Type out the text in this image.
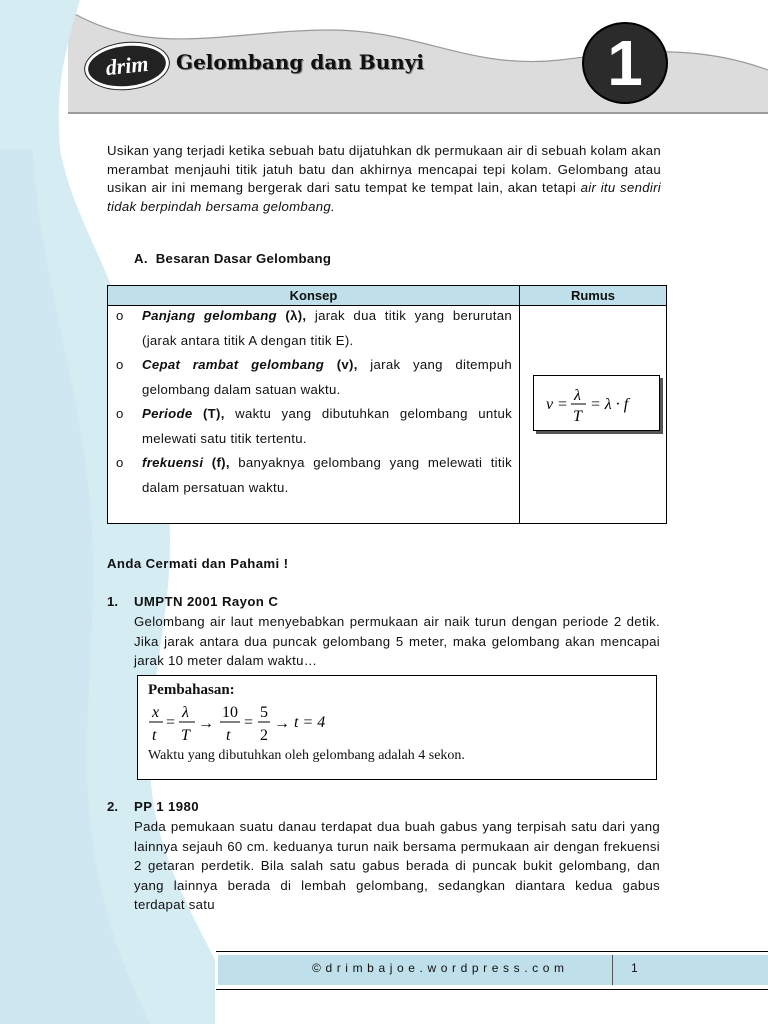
drim Gelombang dan Bunyi	1
Usikan yang terjadi ketika sebuah batu dijatuhkan dk permukaan air di sebuah kolam akan merambat menjauhi titik jatuh batu dan akhirnya mencapai tepi kolam. Gelombang atau usikan air ini memang bergerak dari satu tempat ke tempat lain, akan tetapi air itu sendiri tidak berpindah bersama gelombang.
A. Besaran Dasar Gelombang
Konsep	Rumus
o Panjang gelombang (λ), jarak dua titik yang berurutan (jarak antara titik A dengan titik E).
o Cepat rambat gelombang (v), jarak yang ditempuh gelombang dalam satuan waktu.
o Periode (T), waktu yang dibutuhkan gelombang untuk melewati satu titik tertentu.
o frekuensi (f), banyaknya gelombang yang melewati titik dalam persatuan waktu.
v =
λ
T
= λ · f
Anda Cermati dan Pahami !
1. UMPTN 2001 Rayon C
Gelombang air laut menyebabkan permukaan air naik turun dengan periode 2 detik. Jika jarak antara dua puncak gelombang 5 meter, maka gelombang akan mencapai jarak 10 meter dalam waktu…
Pembahasan:
x
t
=
λ
T
→
10
t
=
5
2
→ t = 4
Waktu yang dibutuhkan oleh gelombang adalah 4 sekon.
2. PP 1 1980
Pada pemukaan suatu danau terdapat dua buah gabus yang terpisah satu dari yang lainnya sejauh 60 cm. keduanya turun naik bersama permukaan air dengan frekuensi 2 getaran perdetik. Bila salah satu gabus berada di puncak bukit gelombang, dan yang lainnya berada di lembah gelombang, sedangkan diantara kedua gabus terdapat satu
©drimbajoe.wordpress.com	1
